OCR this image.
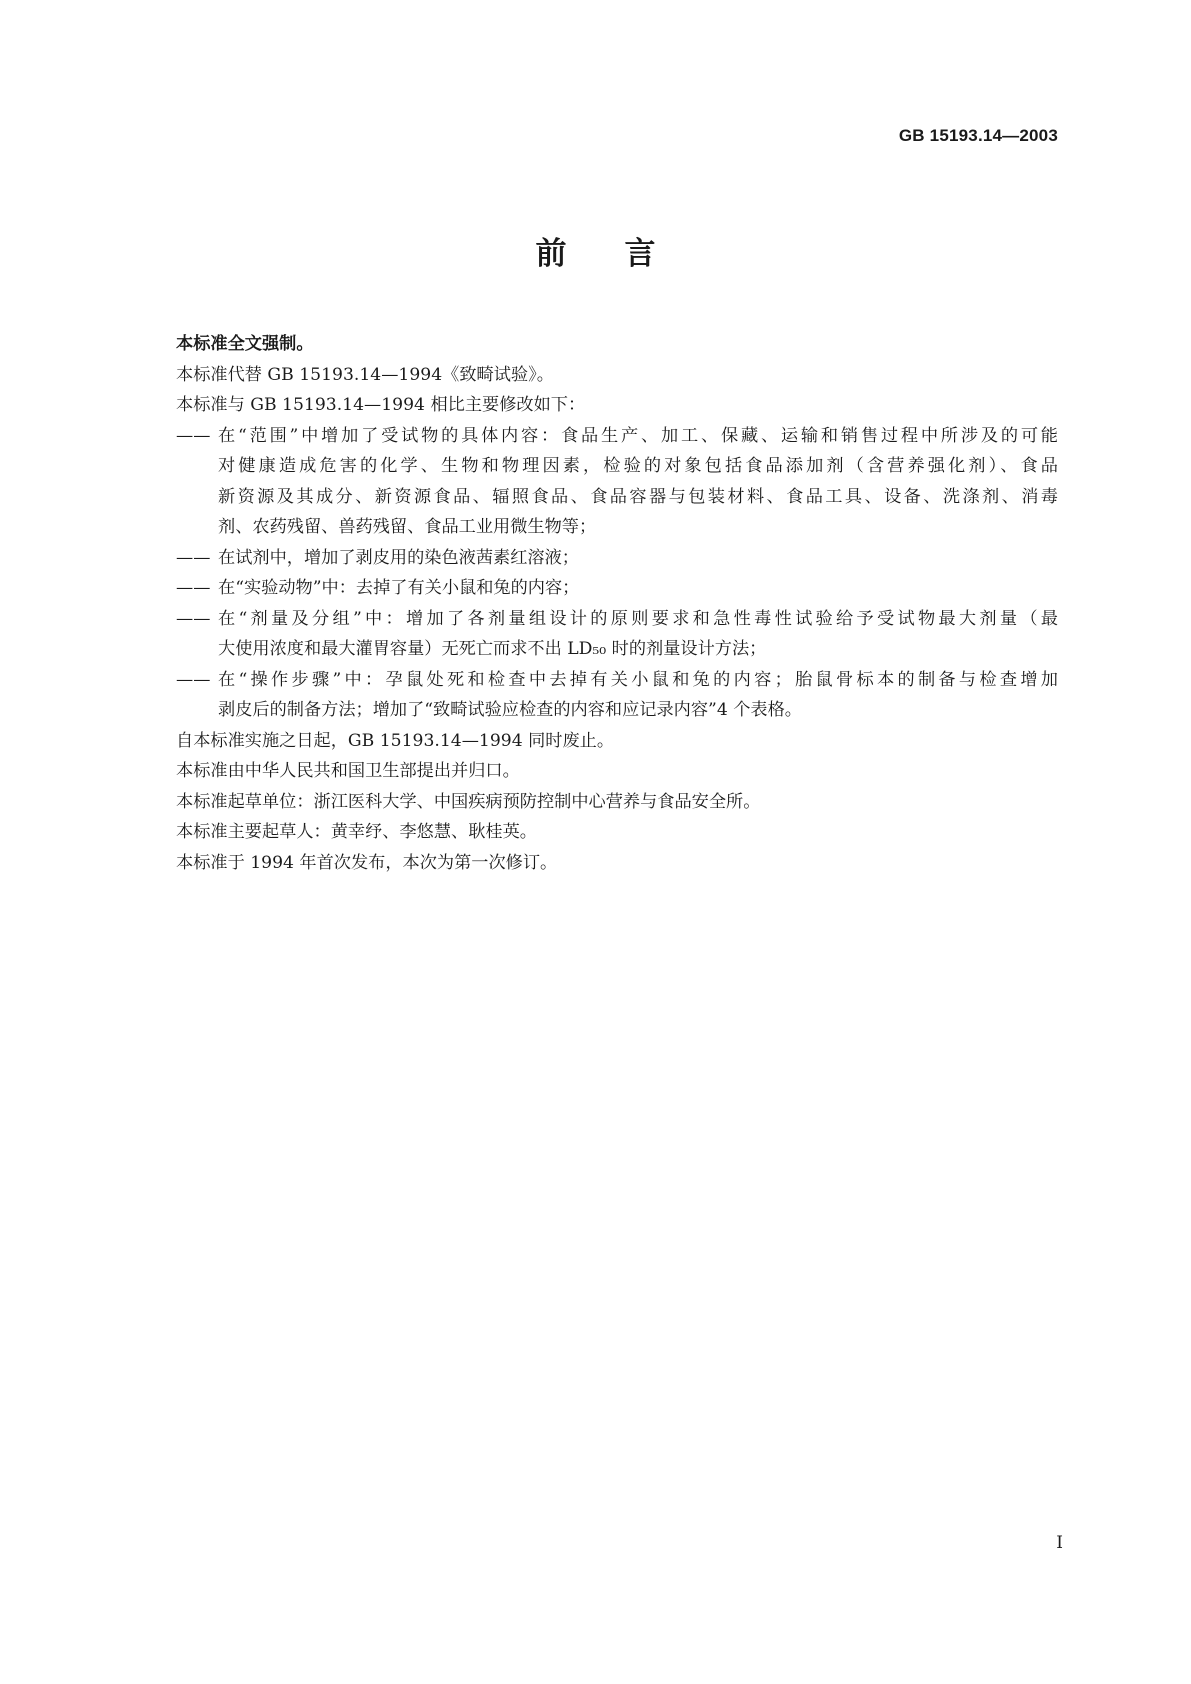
GB 15193.14—2003
前言

本标准全文强制。

本标准代替 GB 15193.14—1994《致畸试验》。

本标准与 GB 15193.14—1994 相比主要修改如下：

—— 在“范围”中增加了受试物的具体内容：食品生产、加工、保藏、运输和销售过程中所涉及的可能
对健康造成危害的化学、生物和物理因素，检验的对象包括食品添加剂（含营养强化剂）、食品
新资源及其成分、新资源食品、辐照食品、食品容器与包装材料、食品工具、设备、洗涤剂、消毒
剂、农药残留、兽药残留、食品工业用微生物等；
—— 在试剂中，增加了剥皮用的染色液茜素红溶液；
—— 在“实验动物”中：去掉了有关小鼠和兔的内容；
—— 在“剂量及分组”中：增加了各剂量组设计的原则要求和急性毒性试验给予受试物最大剂量（最
大使用浓度和最大灌胃容量）无死亡而求不出 LD₅₀ 时的剂量设计方法；
—— 在“操作步骤”中：孕鼠处死和检查中去掉有关小鼠和兔的内容；胎鼠骨标本的制备与检查增加
剥皮后的制备方法；增加了“致畸试验应检查的内容和应记录内容”4 个表格。

自本标准实施之日起，GB 15193.14—1994 同时废止。

本标准由中华人民共和国卫生部提出并归口。

本标准起草单位：浙江医科大学、中国疾病预防控制中心营养与食品安全所。

本标准主要起草人：黄幸纾、李悠慧、耿桂英。

本标准于 1994 年首次发布，本次为第一次修订。

I
